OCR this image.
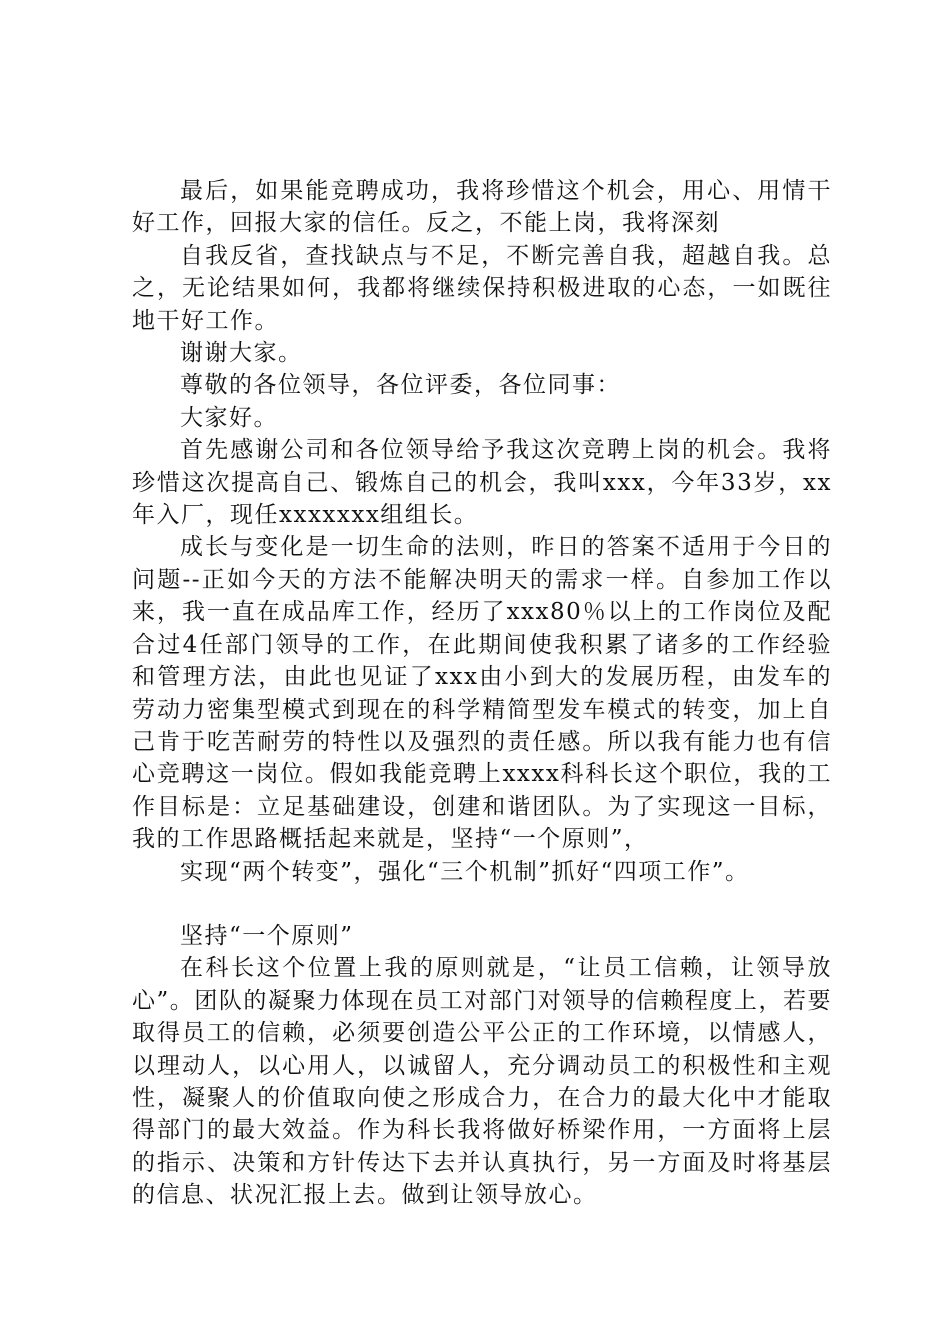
最后，如果能竞聘成功，我将珍惜这个机会，用心、用情干好工作，回报大家的信任。反之，不能上岗，我将深刻

自我反省，查找缺点与不足，不断完善自我，超越自我。总之，无论结果如何，我都将继续保持积极进取的心态，一如既往地干好工作。

谢谢大家。

尊敬的各位领导，各位评委，各位同事：

大家好。

首先感谢公司和各位领导给予我这次竞聘上岗的机会。我将珍惜这次提高自己、锻炼自己的机会，我叫xxx，今年33岁，xx年入厂，现任xxxxxxx组组长。

成长与变化是一切生命的法则，昨日的答案不适用于今日的问题--正如今天的方法不能解决明天的需求一样。自参加工作以来，我一直在成品库工作，经历了xxx80％以上的工作岗位及配合过4任部门领导的工作，在此期间使我积累了诸多的工作经验和管理方法，由此也见证了xxx由小到大的发展历程，由发车的劳动力密集型模式到现在的科学精简型发车模式的转变，加上自己肯于吃苦耐劳的特性以及强烈的责任感。所以我有能力也有信心竞聘这一岗位。假如我能竞聘上xxxx科科长这个职位，我的工作目标是：立足基础建设，创建和谐团队。为了实现这一目标，我的工作思路概括起来就是，坚持“一个原则”，

实现“两个转变”，强化“三个机制”抓好“四项工作”。

坚持“一个原则”

在科长这个位置上我的原则就是，“让员工信赖，让领导放心”。团队的凝聚力体现在员工对部门对领导的信赖程度上，若要取得员工的信赖，必须要创造公平公正的工作环境，以情感人，以理动人，以心用人，以诚留人，充分调动员工的积极性和主观性，凝聚人的价值取向使之形成合力，在合力的最大化中才能取得部门的最大效益。作为科长我将做好桥梁作用，一方面将上层的指示、决策和方针传达下去并认真执行，另一方面及时将基层的信息、状况汇报上去。做到让领导放心。
